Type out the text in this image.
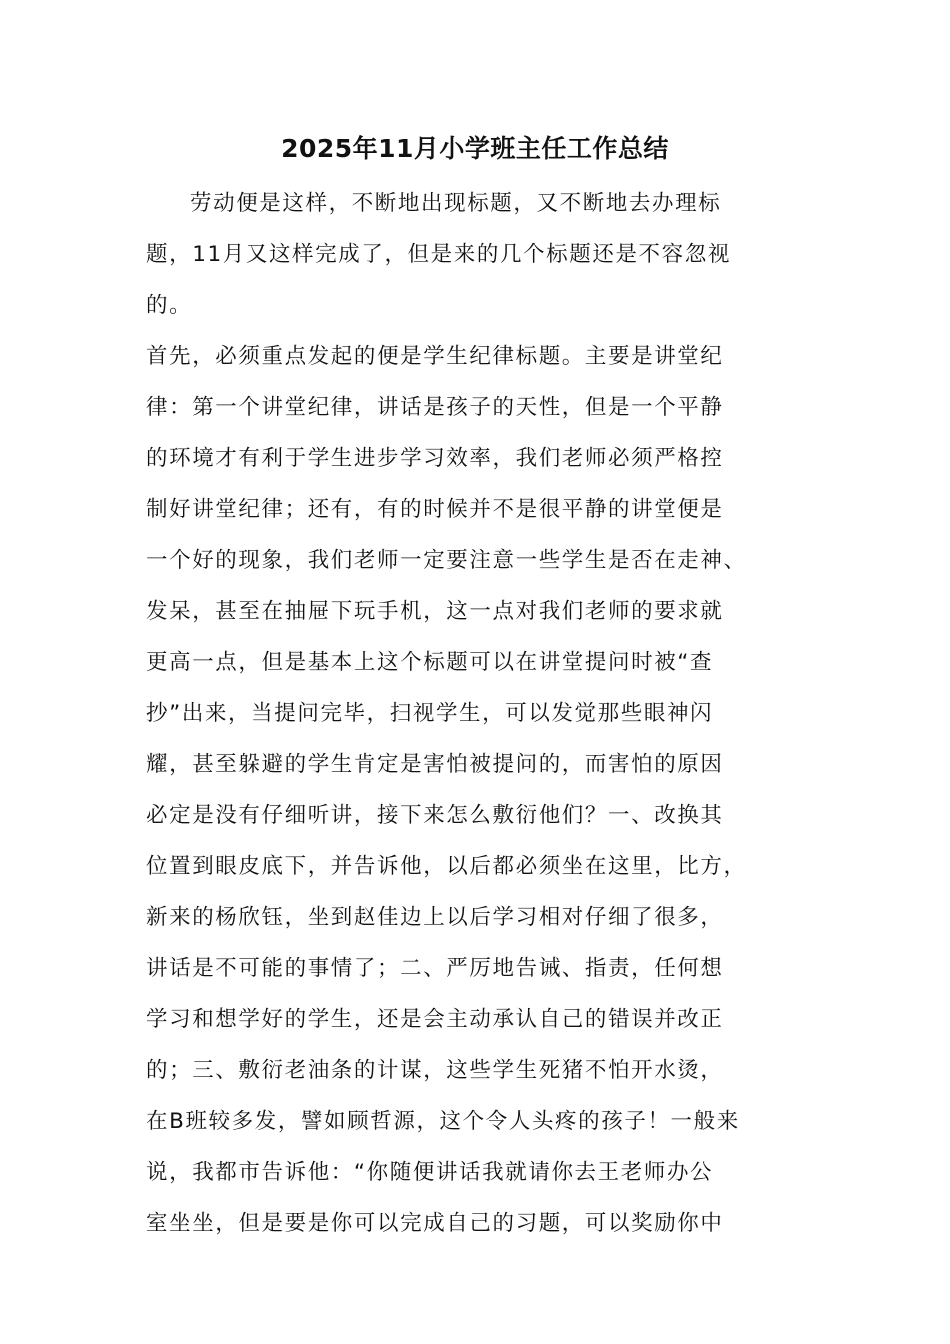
2025年11月小学班主任工作总结
劳动便是这样，不断地出现标题，又不断地去办理标
题，11月又这样完成了，但是来的几个标题还是不容忽视
的。
首先，必须重点发起的便是学生纪律标题。主要是讲堂纪
律：第一个讲堂纪律，讲话是孩子的天性，但是一个平静
的环境才有利于学生进步学习效率，我们老师必须严格控
制好讲堂纪律；还有，有的时候并不是很平静的讲堂便是
一个好的现象，我们老师一定要注意一些学生是否在走神、
发呆，甚至在抽屉下玩手机，这一点对我们老师的要求就
更高一点，但是基本上这个标题可以在讲堂提问时被“查
抄”出来，当提问完毕，扫视学生，可以发觉那些眼神闪
耀，甚至躲避的学生肯定是害怕被提问的，而害怕的原因
必定是没有仔细听讲，接下来怎么敷衍他们？一、改换其
位置到眼皮底下，并告诉他，以后都必须坐在这里，比方，
新来的杨欣钰，坐到赵佳边上以后学习相对仔细了很多，
讲话是不可能的事情了；二、严厉地告诫、指责，任何想
学习和想学好的学生，还是会主动承认自己的错误并改正
的；三、敷衍老油条的计谋，这些学生死猪不怕开水烫，
在B班较多发，譬如顾哲源，这个令人头疼的孩子！一般来
说，我都市告诉他：“你随便讲话我就请你去王老师办公
室坐坐，但是要是你可以完成自己的习题，可以奖励你中
